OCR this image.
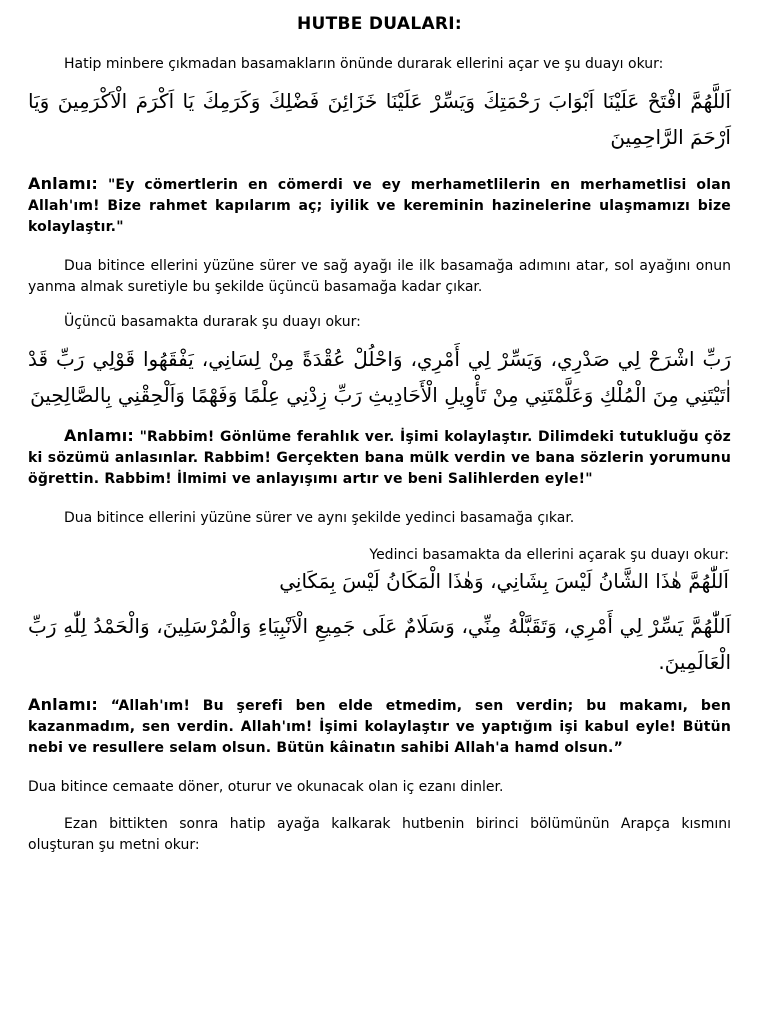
HUTBE DUALARI:

Hatip minbere çıkmadan basamakların önünde durarak ellerini açar ve şu duayı okur:

اَللَّهُمَّ افْتَحْ عَلَيْنَا اَبْوَابَ رَحْمَتِكَ وَيَسِّرْ عَلَيْنَا خَزَائِنَ فَضْلِكَ وَكَرَمِكَ يَا اَكْرَمَ الْاَكْرَمِينَ وَيَا اَرْحَمَ الرَّاحِمِينَ

Anlamı: "Ey cömertlerin en cömerdi ve ey merhametlilerin en merhametlisi olan Allah'ım! Bize rahmet kapılarım aç; iyilik ve kereminin hazinelerine ulaşmamızı bize kolaylaştır."

Dua bitince ellerini yüzüne sürer ve sağ ayağı ile ilk basamağa adımını atar, sol ayağını onun yanma almak suretiyle bu şekilde üçüncü basamağa kadar çıkar.

Üçüncü basamakta durarak şu duayı okur:

رَبِّ اشْرَحْ لِي صَدْرِي، وَيَسِّرْ لِي أَمْرِي، وَاحْلُلْ عُقْدَةً مِنْ لِسَانِي، يَفْقَهُوا قَوْلِي رَبِّ قَدْ اٰتَيْتَنِي مِنَ الْمُلْكِ وَعَلَّمْتَنِي مِنْ تَأْوِيلِ الْأَحَادِيثِ رَبِّ زِدْنِي عِلْمًا وَفَهْمًا وَاَلْحِقْنِي بِالصَّالِحِينَ

Anlamı: "Rabbim! Gönlüme ferahlık ver. İşimi kolaylaştır. Dilimdeki tutukluğu çöz ki sözümü anlasınlar. Rabbim! Gerçekten bana mülk verdin ve bana sözlerin yorumunu öğrettin. Rabbim! İlmimi ve anlayışımı artır ve beni Salihlerden eyle!"

Dua bitince ellerini yüzüne sürer ve aynı şekilde yedinci basamağa çıkar.

Yedinci basamakta da ellerini açarak şu duayı okur:

اَللّٰهُمَّ هٰذَا الشَّانُ لَيْسَ بِشَانِي، وَهٰذَا الْمَكَانُ لَيْسَ بِمَكَانِي

اَللّٰهُمَّ يَسِّرْ لِي أَمْرِي، وَتَقَبَّلْهُ مِنِّي، وَسَلَامٌ عَلَى جَمِيعِ الْاَنْبِيَاءِ وَالْمُرْسَلِينَ، وَالْحَمْدُ لِلّٰهِ رَبِّ الْعَالَمِينَ.

Anlamı: “Allah'ım! Bu şerefi ben elde etmedim, sen verdin; bu makamı, ben kazanmadım, sen verdin. Allah'ım! İşimi kolaylaştır ve yaptığım işi kabul eyle! Bütün nebi ve resullere selam olsun. Bütün kâinatın sahibi Allah'a hamd olsun.”

Dua bitince cemaate döner, oturur ve okunacak olan iç ezanı dinler.

Ezan bittikten sonra hatip ayağa kalkarak hutbenin birinci bölümünün Arapça kısmını oluşturan şu metni okur:
